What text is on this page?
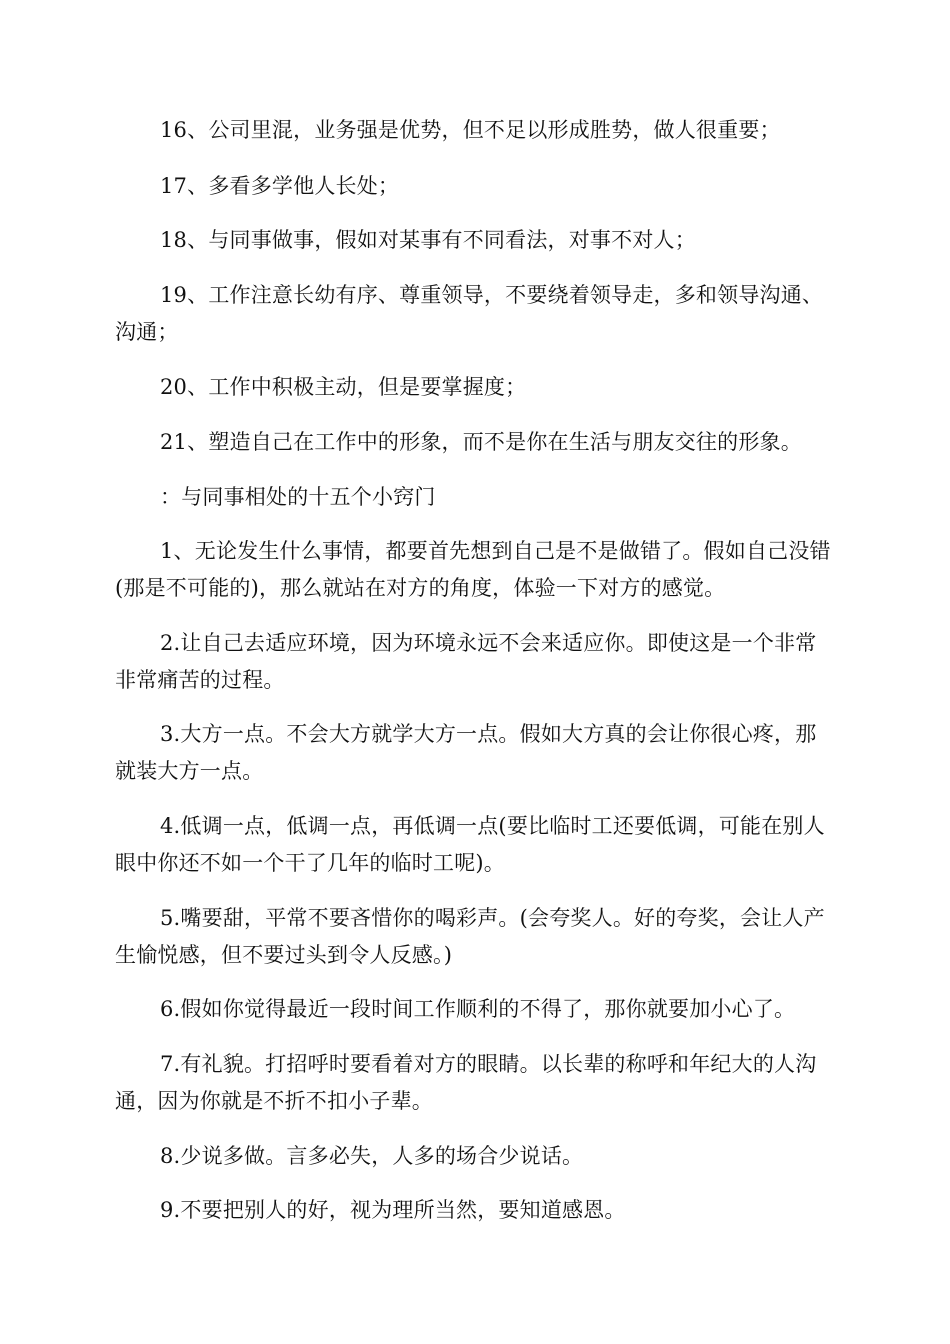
16、公司里混，业务强是优势，但不足以形成胜势，做人很重要；

17、多看多学他人长处；

18、与同事做事，假如对某事有不同看法，对事不对人；

19、工作注意长幼有序、尊重领导，不要绕着领导走，多和领导沟通、沟通；

20、工作中积极主动，但是要掌握度；

21、塑造自己在工作中的形象，而不是你在生活与朋友交往的形象。

：与同事相处的十五个小窍门

1、无论发生什么事情，都要首先想到自己是不是做错了。假如自己没错(那是不可能的)，那么就站在对方的角度，体验一下对方的感觉。

2.让自己去适应环境，因为环境永远不会来适应你。即使这是一个非常非常痛苦的过程。

3.大方一点。不会大方就学大方一点。假如大方真的会让你很心疼，那就装大方一点。

4.低调一点，低调一点，再低调一点(要比临时工还要低调，可能在别人眼中你还不如一个干了几年的临时工呢)。

5.嘴要甜，平常不要吝惜你的喝彩声。(会夸奖人。好的夸奖，会让人产生愉悦感，但不要过头到令人反感。)

6.假如你觉得最近一段时间工作顺利的不得了，那你就要加小心了。

7.有礼貌。打招呼时要看着对方的眼睛。以长辈的称呼和年纪大的人沟通，因为你就是不折不扣小子辈。

8.少说多做。言多必失，人多的场合少说话。

9.不要把别人的好，视为理所当然，要知道感恩。
